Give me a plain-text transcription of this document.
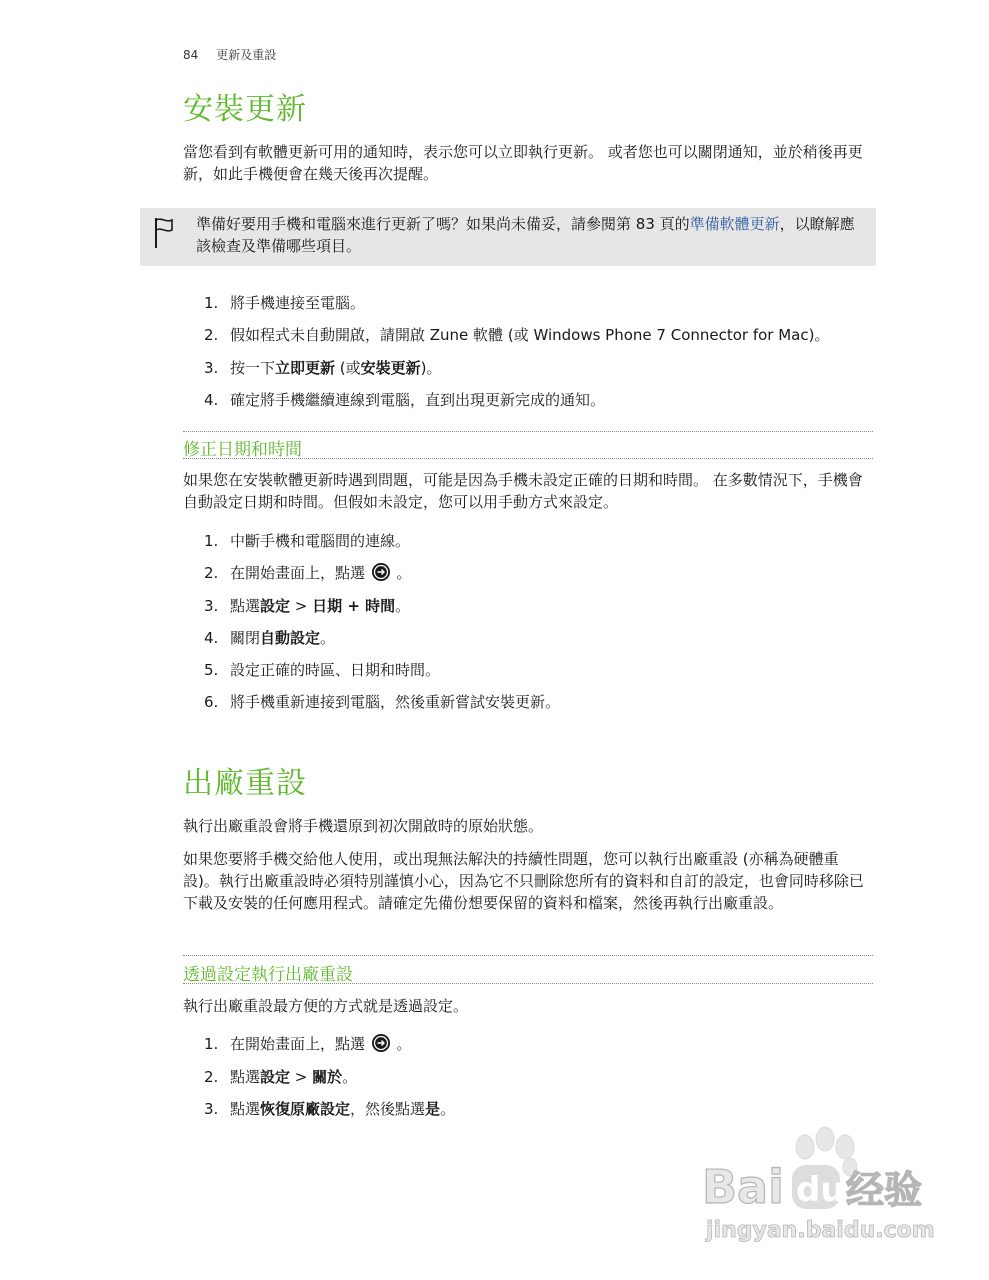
84 更新及重設
安裝更新
當您看到有軟體更新可用的通知時，表示您可以立即執行更新。 或者您也可以關閉通知，並於稍後再更新，如此手機便會在幾天後再次提醒。
準備好要用手機和電腦來進行更新了嗎？如果尚未備妥，請參閱第 83 頁的準備軟體更新，以瞭解應該檢查及準備哪些項目。
1. 將手機連接至電腦。
2. 假如程式未自動開啟，請開啟 Zune 軟體 (或 Windows Phone 7 Connector for Mac)。
3. 按一下立即更新 (或安裝更新)。
4. 確定將手機繼續連線到電腦，直到出現更新完成的通知。
修正日期和時間
如果您在安裝軟體更新時遇到問題，可能是因為手機未設定正確的日期和時間。 在多數情況下，手機會自動設定日期和時間。但假如未設定，您可以用手動方式來設定。
1. 中斷手機和電腦間的連線。
2. 在開始畫面上，點選
。
3. 點選設定 > 日期 + 時間。
4. 關閉自動設定。
5. 設定正確的時區、日期和時間。
6. 將手機重新連接到電腦，然後重新嘗試安裝更新。
出廠重設
執行出廠重設會將手機還原到初次開啟時的原始狀態。
如果您要將手機交給他人使用，或出現無法解決的持續性問題，您可以執行出廠重設 (亦稱為硬體重設)。執行出廠重設時必須特別謹慎小心，因為它不只刪除您所有的資料和自訂的設定，也會同時移除已下載及安裝的任何應用程式。請確定先備份想要保留的資料和檔案，然後再執行出廠重設。
透過設定執行出廠重設
執行出廠重設最方便的方式就是透過設定。
1. 在開始畫面上，點選
。
2. 點選設定 > 關於。
3. 點選恢復原廠設定，然後點選是。
Bai du 经验
jingyan.baidu.com
